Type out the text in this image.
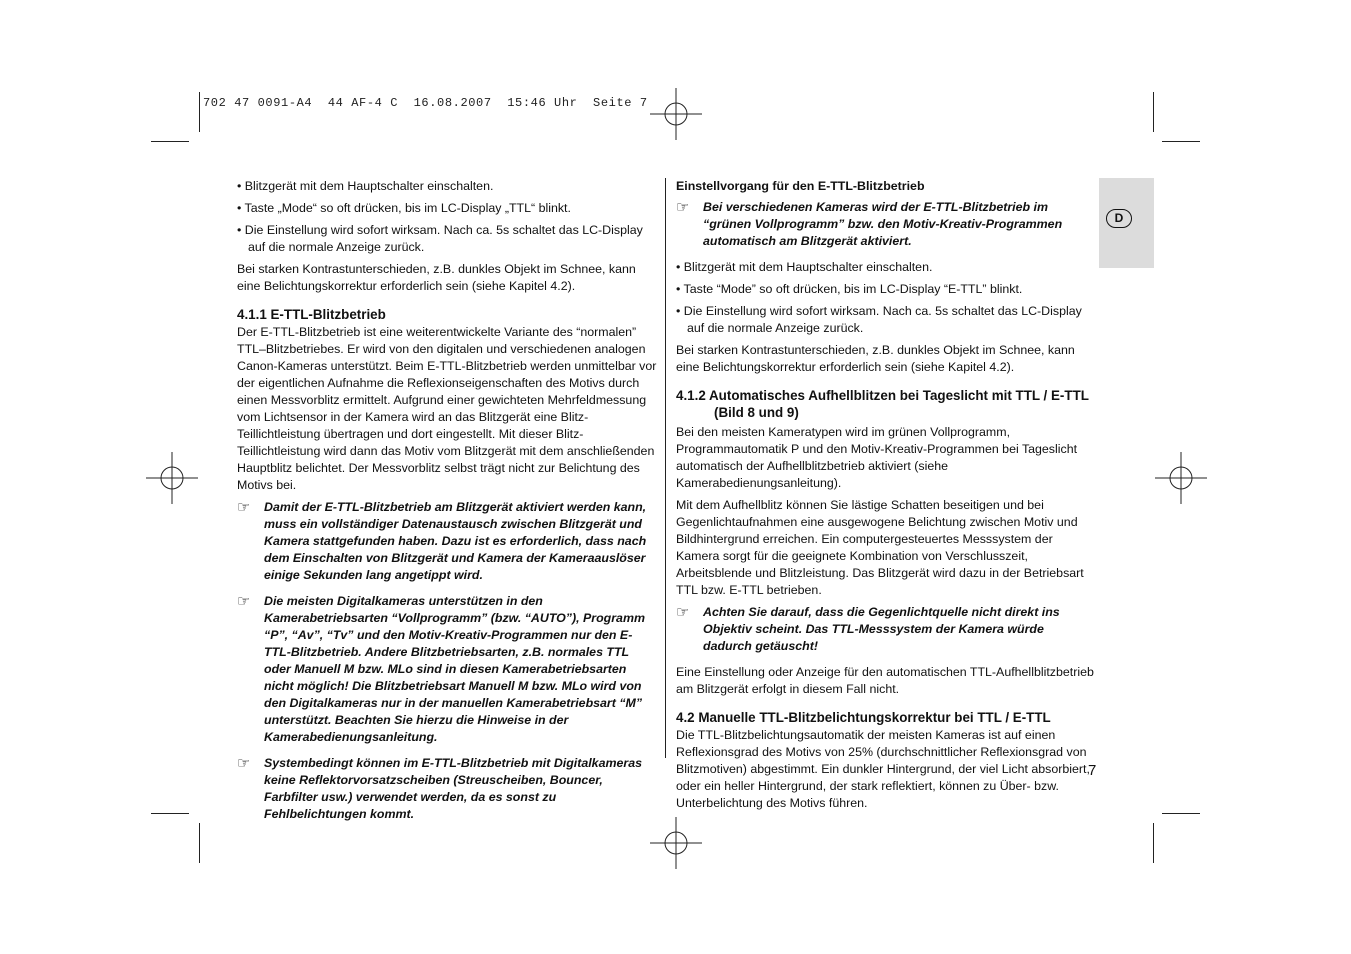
702 47 0091-A4  44 AF-4 C  16.08.2007  15:46 Uhr  Seite 7
D

• Blitzgerät mit dem Hauptschalter einschalten.

• Taste „Mode“ so oft drücken, bis im LC-Display „TTL“ blinkt.

• Die Einstellung wird sofort wirksam. Nach ca. 5s schaltet das LC-Display auf die normale Anzeige zurück.

Bei starken Kontrastunterschieden, z.B. dunkles Objekt im Schnee, kann eine Belichtungskorrektur erforderlich sein (siehe Kapitel 4.2).

4.1.1 E-TTL-Blitzbetrieb

Der E-TTL-Blitzbetrieb ist eine weiterentwickelte Variante des “normalen” TTL–Blitzbetriebes. Er wird von den digitalen und verschiedenen analogen Canon-Kameras unterstützt. Beim E-TTL-Blitzbetrieb werden unmittelbar vor der eigentlichen Aufnahme die Reflexionseigenschaften des Motivs durch einen Messvorblitz ermittelt. Aufgrund einer gewichteten Mehrfeldmessung vom Lichtsensor in der Kamera wird an das Blitzgerät eine Blitz-Teillichtleistung übertragen und dort eingestellt. Mit dieser Blitz-Teillichtleistung wird dann das Motiv vom Blitzgerät mit dem anschließenden Hauptblitz belichtet. Der Messvorblitz selbst trägt nicht zur Belichtung des Motivs bei.

☞ Damit der E-TTL-Blitzbetrieb am Blitzgerät aktiviert werden kann, muss ein vollständiger Datenaustausch zwischen Blitzgerät und Kamera stattgefunden haben. Dazu ist es erforderlich, dass nach dem Einschalten von Blitzgerät und Kamera der Kameraauslöser einige Sekunden lang angetippt wird.
☞ Die meisten Digitalkameras unterstützen in den Kamerabetriebsarten “Vollprogramm” (bzw. “AUTO”), Programm “P”, “Av”, “Tv” und den Motiv-Kreativ-Programmen nur den E-TTL-Blitzbetrieb. Andere Blitzbetriebsarten, z.B. normales TTL oder Manuell M bzw. MLo sind in diesen Kamerabetriebsarten nicht möglich! Die Blitzbetriebsart Manuell M bzw. MLo wird von den Digitalkameras nur in der manuellen Kamerabetriebsart “M” unterstützt. Beachten Sie hierzu die Hinweise in der Kamerabedienungsanleitung.
☞ Systembedingt können im E-TTL-Blitzbetrieb mit Digitalkameras keine Reflektorvorsatzscheiben (Streuscheiben, Bouncer, Farbfilter usw.) verwendet werden, da es sonst zu Fehlbelichtungen kommt.
Einstellvorgang für den E-TTL-Blitzbetrieb
☞ Bei verschiedenen Kameras wird der E-TTL-Blitzbetrieb im “grünen Vollprogramm” bzw. den Motiv-Kreativ-Programmen automatisch am Blitzgerät aktiviert.

• Blitzgerät mit dem Hauptschalter einschalten.

• Taste “Mode” so oft drücken, bis im LC-Display “E-TTL” blinkt.

• Die Einstellung wird sofort wirksam. Nach ca. 5s schaltet das LC-Display auf die normale Anzeige zurück.

Bei starken Kontrastunterschieden, z.B. dunkles Objekt im Schnee, kann eine Belichtungskorrektur erforderlich sein (siehe Kapitel 4.2).

4.1.2 Automatisches Aufhellblitzen bei Tageslicht mit TTL / E-TTL
(Bild 8 und 9)

Bei den meisten Kameratypen wird im grünen Vollprogramm, Programmautomatik P und den Motiv-Kreativ-Programmen bei Tageslicht automatisch der Aufhellblitzbetrieb aktiviert (siehe Kamerabedienungsanleitung).

Mit dem Aufhellblitz können Sie lästige Schatten beseitigen und bei Gegenlichtaufnahmen eine ausgewogene Belichtung zwischen Motiv und Bildhintergrund erreichen. Ein computergesteuertes Messsystem der Kamera sorgt für die geeignete Kombination von Verschlusszeit, Arbeitsblende und Blitzleistung. Das Blitzgerät wird dazu in der Betriebsart TTL bzw. E-TTL betrieben.

☞ Achten Sie darauf, dass die Gegenlichtquelle nicht direkt ins Objektiv scheint. Das TTL-Messsystem der Kamera würde dadurch getäuscht!

Eine Einstellung oder Anzeige für den automatischen TTL-Aufhellblitzbetrieb am Blitzgerät erfolgt in diesem Fall nicht.

4.2 Manuelle TTL-Blitzbelichtungskorrektur bei TTL / E-TTL

Die TTL-Blitzbelichtungsautomatik der meisten Kameras ist auf einen Reflexionsgrad des Motivs von 25% (durchschnittlicher Reflexionsgrad von Blitzmotiven) abgestimmt. Ein dunkler Hintergrund, der viel Licht absorbiert, oder ein heller Hintergrund, der stark reflektiert, können zu Über- bzw. Unterbelichtung des Motivs führen.

7
